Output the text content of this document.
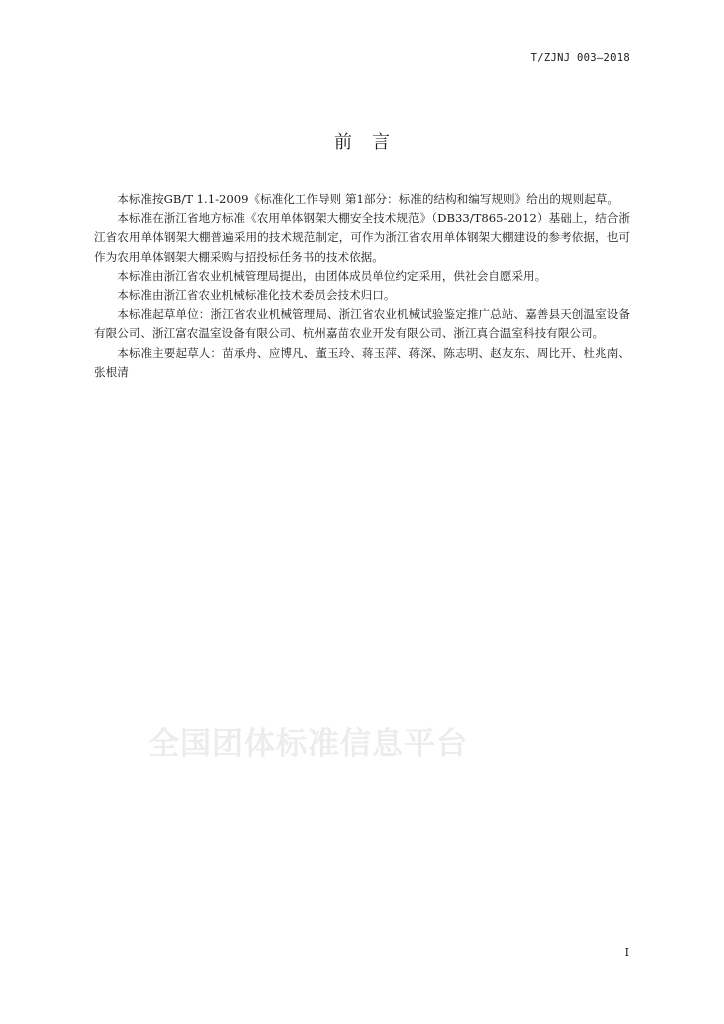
T/ZJNJ 003—2018
前言

本标准按GB/T 1.1-2009《标准化工作导则 第1部分：标准的结构和编写规则》给出的规则起草。

本标准在浙江省地方标准《农用单体钢架大棚安全技术规范》（DB33/T865-2012）基础上，结合浙江省农用单体钢架大棚普遍采用的技术规范制定，可作为浙江省农用单体钢架大棚建设的参考依据，也可作为农用单体钢架大棚采购与招投标任务书的技术依据。

本标准由浙江省农业机械管理局提出，由团体成员单位约定采用，供社会自愿采用。

本标准由浙江省农业机械标准化技术委员会技术归口。

本标准起草单位：浙江省农业机械管理局、浙江省农业机械试验鉴定推广总站、嘉善县天创温室设备有限公司、浙江富农温室设备有限公司、杭州嘉苗农业开发有限公司、浙江真合温室科技有限公司。

本标准主要起草人：苗承舟、应博凡、董玉玲、蒋玉萍、蒋深、陈志明、赵友东、周比开、杜兆南、张根清

全国团体标准信息平台
I
